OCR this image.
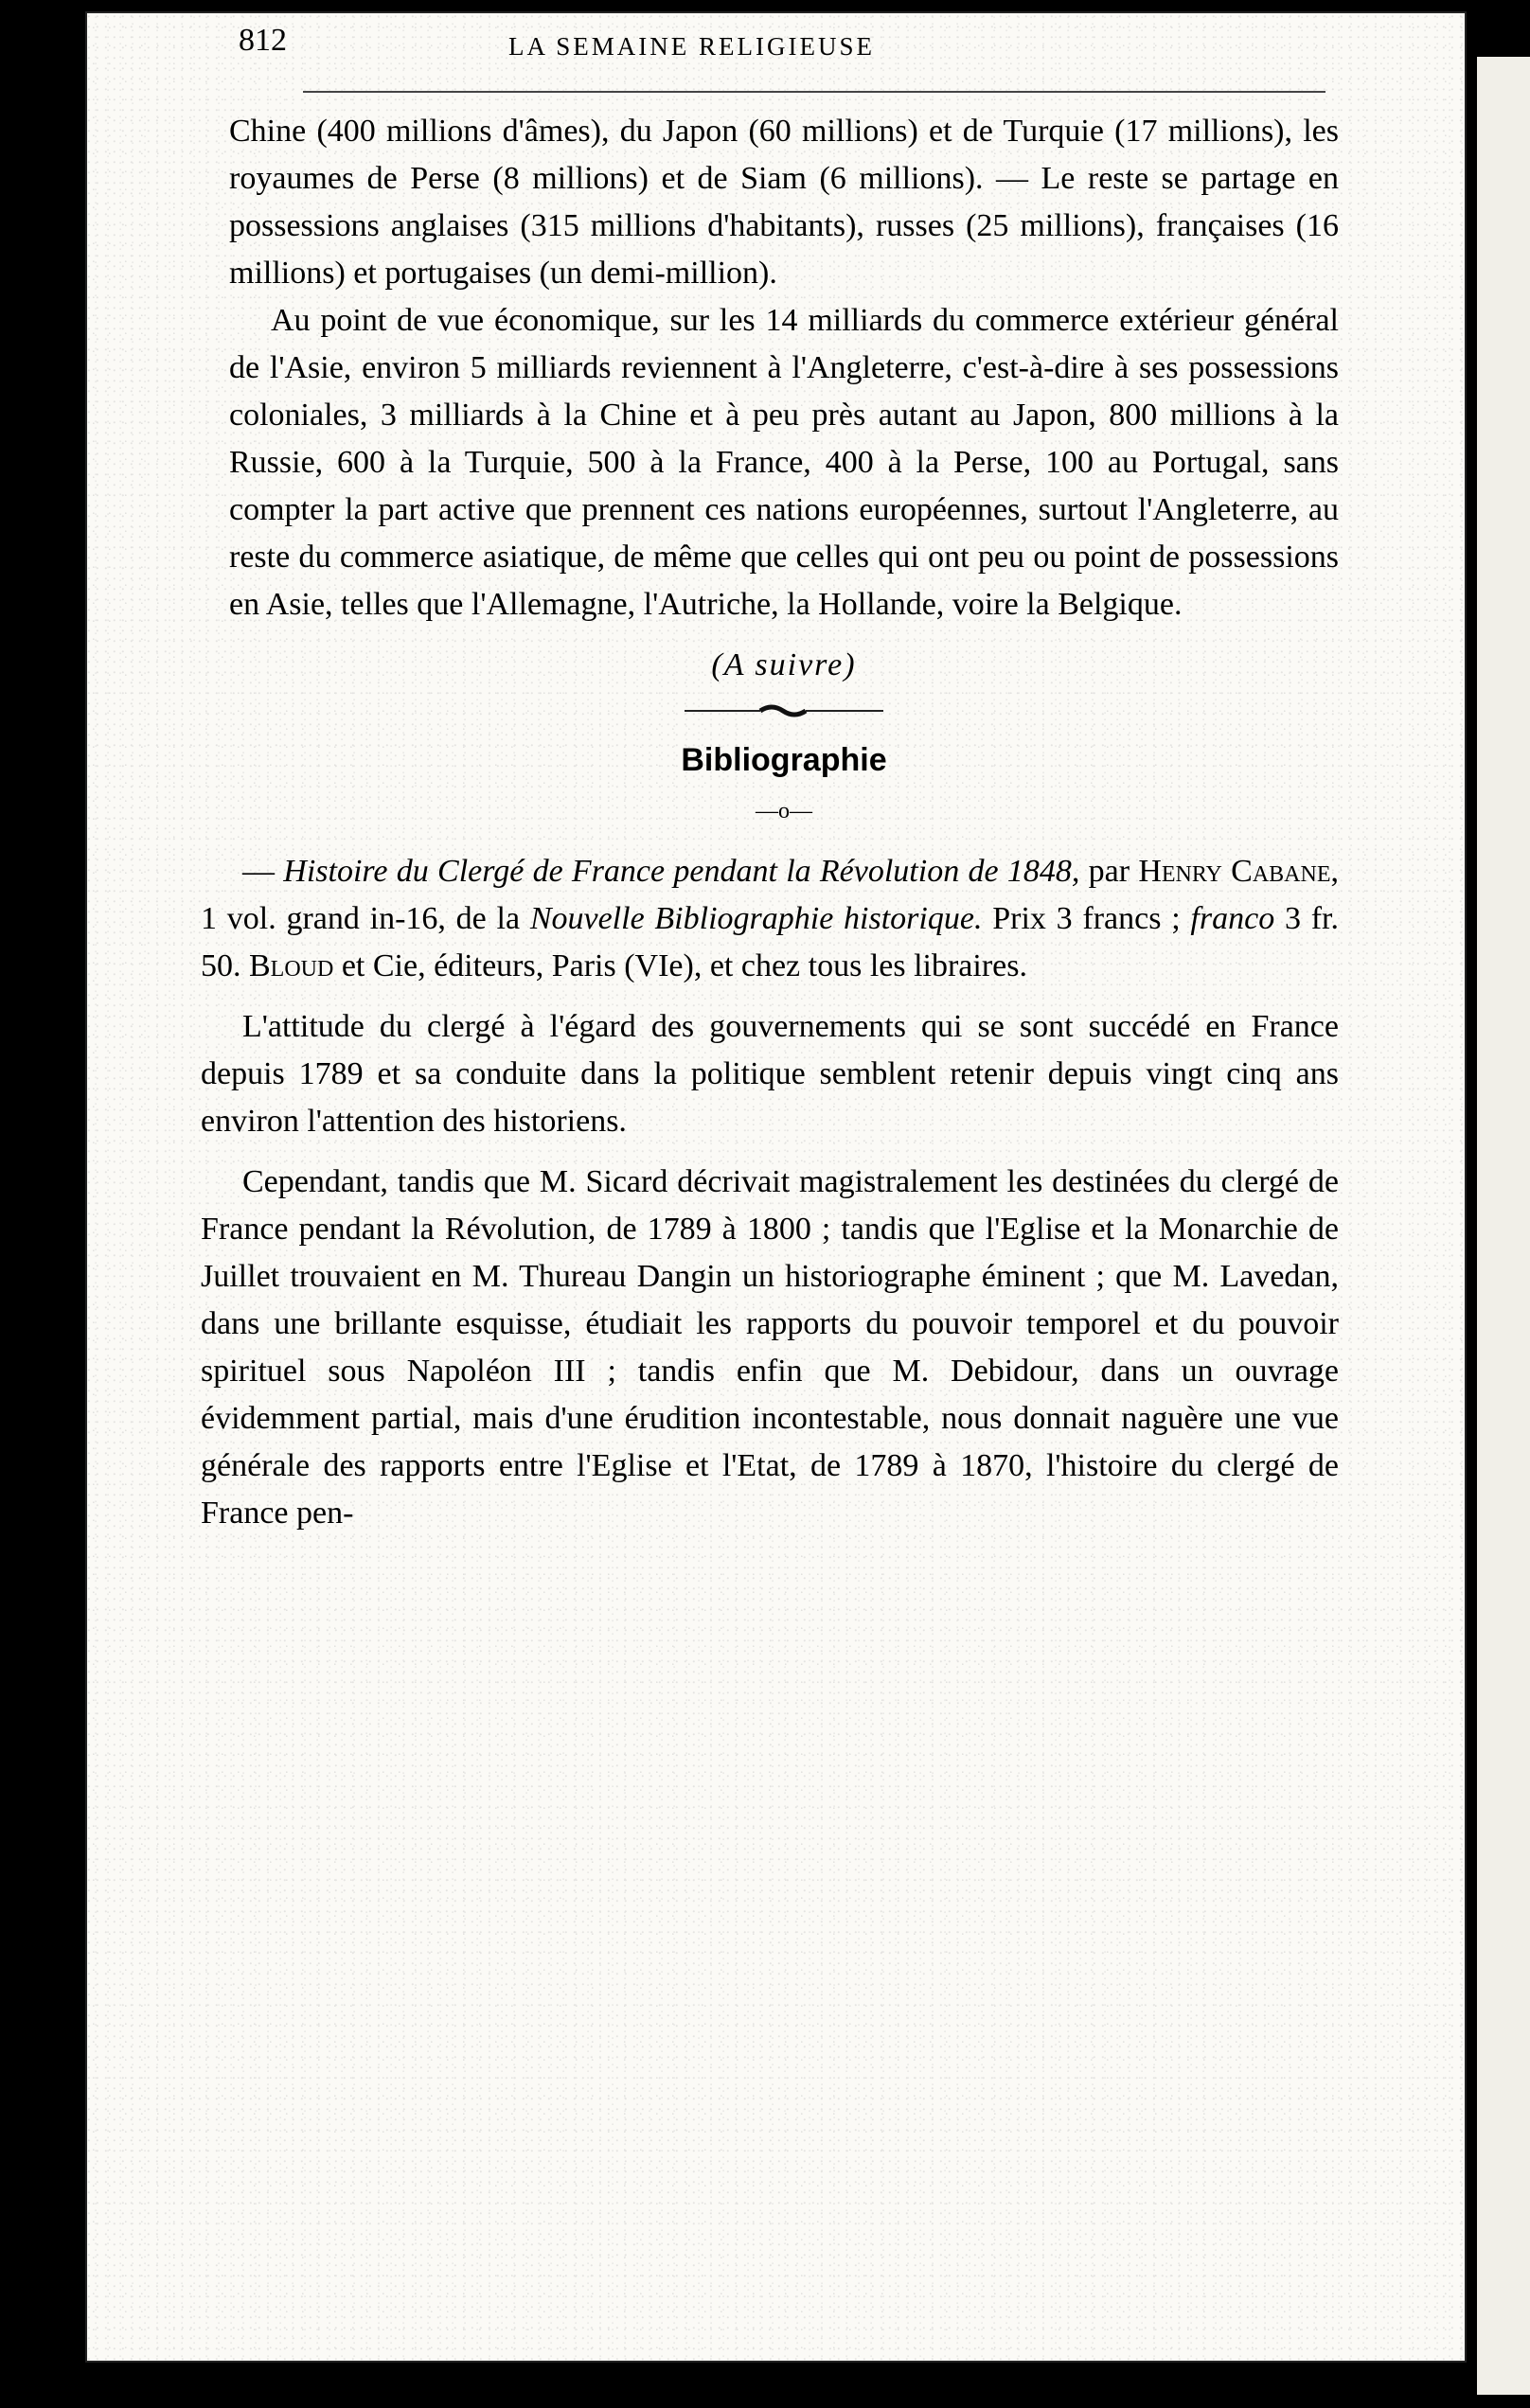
812	LA SEMAINE RELIGIEUSE

Chine (400 millions d'âmes), du Japon (60 millions) et de Turquie (17 millions), les royaumes de Perse (8 millions) et de Siam (6 millions). — Le reste se partage en possessions anglaises (315 millions d'habitants), russes (25 millions), françaises (16 millions) et portugaises (un demi-million).

Au point de vue économique, sur les 14 milliards du commerce extérieur général de l'Asie, environ 5 milliards reviennent à l'Angleterre, c'est-à-dire à ses possessions coloniales, 3 milliards à la Chine et à peu près autant au Japon, 800 millions à la Russie, 600 à la Turquie, 500 à la France, 400 à la Perse, 100 au Portugal, sans compter la part active que prennent ces nations européennes, surtout l'Angleterre, au reste du commerce asiatique, de même que celles qui ont peu ou point de possessions en Asie, telles que l'Allemagne, l'Autriche, la Hollande, voire la Belgique.

(A suivre)
Bibliographie
—o—

— Histoire du Clergé de France pendant la Révolution de 1848, par Henry Cabane, 1 vol. grand in-16, de la Nouvelle Bibliographie historique. Prix 3 francs ; franco 3 fr. 50. Bloud et Cie, éditeurs, Paris (VIe), et chez tous les libraires.

L'attitude du clergé à l'égard des gouvernements qui se sont succédé en France depuis 1789 et sa conduite dans la politique semblent retenir depuis vingt cinq ans environ l'attention des historiens.

Cependant, tandis que M. Sicard décrivait magistralement les destinées du clergé de France pendant la Révolution, de 1789 à 1800 ; tandis que l'Eglise et la Monarchie de Juillet trouvaient en M. Thureau Dangin un historiographe éminent ; que M. Lavedan, dans une brillante esquisse, étudiait les rapports du pouvoir temporel et du pouvoir spirituel sous Napoléon III ; tandis enfin que M. Debidour, dans un ouvrage évidemment partial, mais d'une érudition incontestable, nous donnait naguère une vue générale des rapports entre l'Eglise et l'Etat, de 1789 à 1870, l'histoire du clergé de France pen-
